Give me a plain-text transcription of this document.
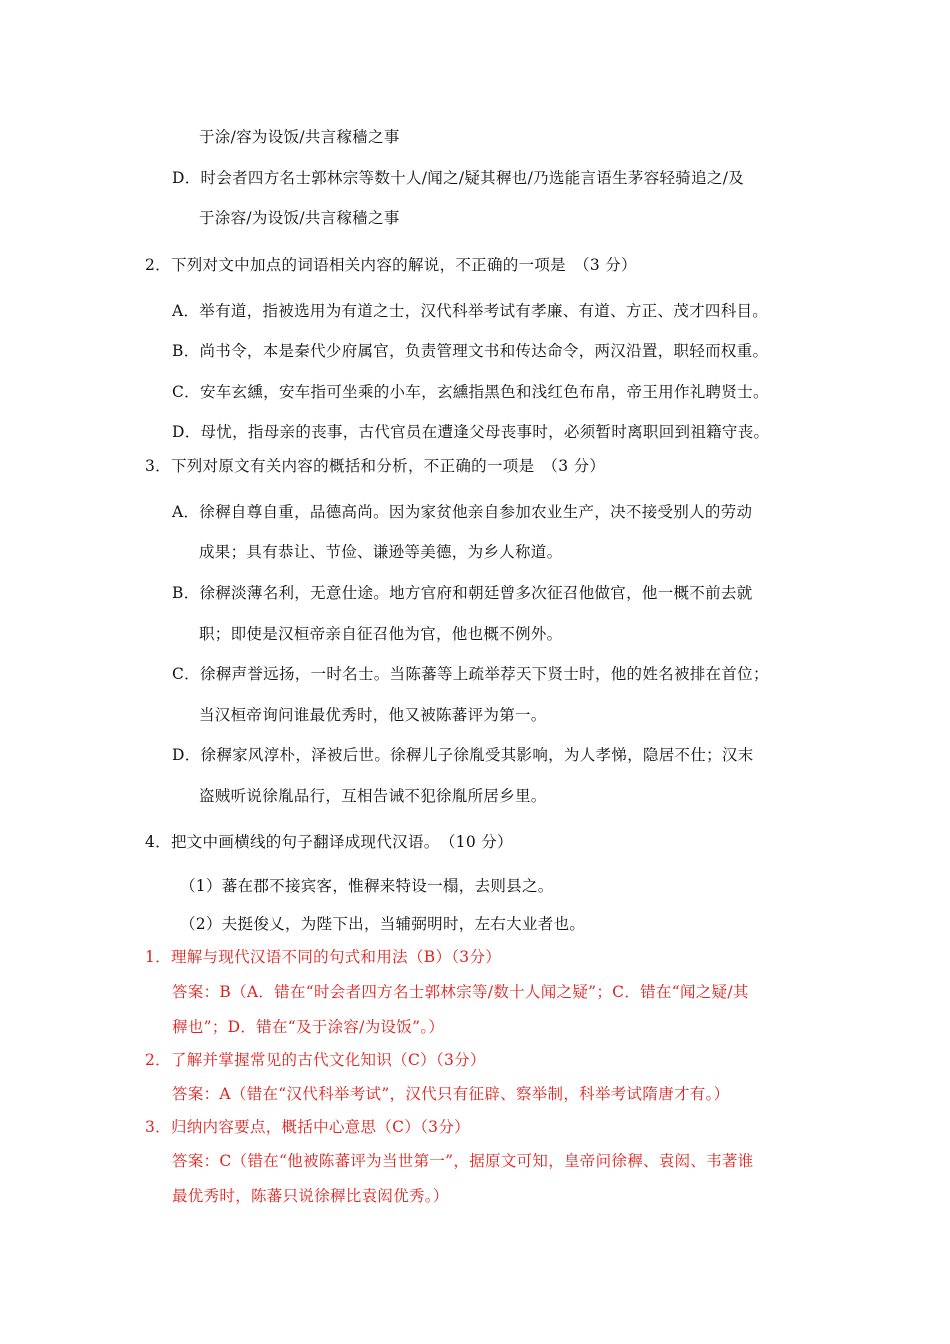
于涂/容为设饭/共言稼穑之事
D．时会者四方名士郭林宗等数十人/闻之/疑其稺也/乃选能言语生茅容轻骑追之/及
于涂容/为设饭/共言稼穑之事
2．下列对文中加点的词语相关内容的解说，不正确的一项是　（3 分）
A．举有道，指被选用为有道之士，汉代科举考试有孝廉、有道、方正、茂才四科目。
B．尚书令，本是秦代少府属官，负责管理文书和传达命令，两汉沿置，职轻而权重。
C．安车玄纁，安车指可坐乘的小车，玄纁指黑色和浅红色布帛，帝王用作礼聘贤士。
D．母忧，指母亲的丧事，古代官员在遭逢父母丧事时，必须暂时离职回到祖籍守丧。
3．下列对原文有关内容的概括和分析，不正确的一项是　（3 分）
A．徐稺自尊自重，品德高尚。因为家贫他亲自参加农业生产，决不接受别人的劳动
成果；具有恭让、节俭、谦逊等美德，为乡人称道。
B．徐稺淡薄名利，无意仕途。地方官府和朝廷曾多次征召他做官，他一概不前去就
职；即使是汉桓帝亲自征召他为官，他也概不例外。
C．徐稺声誉远扬，一时名士。当陈蕃等上疏举荐天下贤士时，他的姓名被排在首位；
当汉桓帝询问谁最优秀时，他又被陈蕃评为第一。
D．徐稺家风淳朴，泽被后世。徐稺儿子徐胤受其影响，为人孝悌，隐居不仕；汉末
盗贼听说徐胤品行，互相告诫不犯徐胤所居乡里。
4．把文中画横线的句子翻译成现代汉语。　（10 分）
（1）蕃在郡不接宾客，惟稺来特设一榻，去则县之。
（2）夫挺俊乂，为陛下出，当辅弼明时，左右大业者也。
1．理解与现代汉语不同的句式和用法（B）（3分）
答案：B（A．错在“时会者四方名士郭林宗等/数十人闻之疑”；C．错在“闻之疑/其
稺也”；D．错在“及于涂容/为设饭”。）
2．了解并掌握常见的古代文化知识（C）（3分）
答案：A（错在“汉代科举考试”，汉代只有征辟、察举制，科举考试隋唐才有。）
3．归纳内容要点，概括中心意思（C）（3分）
答案：C（错在“他被陈蕃评为当世第一”，据原文可知，皇帝问徐稺、袁闳、韦著谁
最优秀时，陈蕃只说徐稺比袁闳优秀。）
